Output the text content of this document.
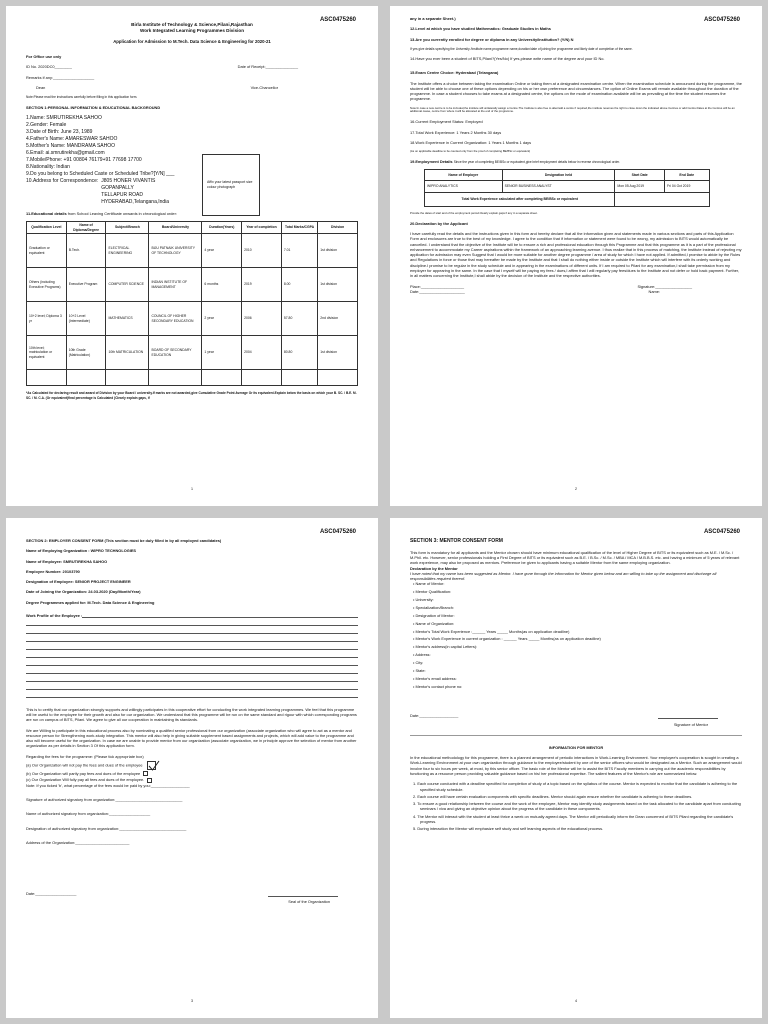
ASC0475260
Birla Institute of Technology & Science,Pilani,Rajasthan
Work Integrated Learning Programmes Division
Application for Admission to M.Tech. Data Science & Engineering for 2020-21
For Office use only
ID No. 2020DC0________	Date of Receipt:_______________
Remarks if any:___________________
Dean	Vice-Chancellor
Note:Please read the instructions carefully before filling in this application form.
SECTION 1:PERSONAL INFORMATION & EDUCATIONAL BACKGROUND
1.Name: SMRUTIREKHA SAHOO
2.Gender: Female
3.Date of Birth: June 23, 1989
4.Father's Name: AMARESWAR SAHOO
5.Mother's Name: MANDRAMA SAHOO
6.Email: ai.smrutirekha@gmail.com
7.Mobile/Phone: +91 00804 76179+91 77698 17700
8.Nationality: Indian
9.Do you belong to Scheduled Caste or Scheduled Tribe?[Y/N] ___
10.Address for Correspondence: J805 HONER VIVANTIS
GOPANPALLY
TELLAPUR ROAD
HYDERABAD,Telangana,India
Affix your latest passport size colour photograph
11.Educational details from School Leaving Certificate onwards in chronological order:
Qualification Level	Name of Diploma/Degree	Subject/Branch	Board/University	Duration(Years)	Year of completion	Total Marks/CGPA	Division
Graduation or equivalent	B.Tech.	ELECTRICAL ENGINEERING	BIJU PATNAIK UNIVERSITY OF TECHNOLOGY	4 year	2010	7.01	1st division
Others (including Executive Programs)	Executive Program	COMPUTER SCIENCE	INDIAN INSTITUTE OF MANAGEMENT	6 months	2019	8.00	1st division
10+2 level; Diploma 3 yr	10+2 Level (Intermediate)	MATHEMATICS	COUNCIL OF HIGHER SECONDARY EDUCATION	2 year	2006	57.80	2nd division
10th level; matriculation or equivalent	10th Grade (Matriculation)	10th MATRICULATION	BOARD OF SECONDARY EDUCATION	1 year	2004	80.80	1st division

*As Calculated for declaring result and award of Division by your Board / university.If marks are not awarded,give Cumulative Grade Point Average Or its equivalent.Explain below the basis on which your B. SC. / B.E. M. SC. / M. C.A. (Or equivalent)final percentage is Calculated (Clearly explain gaps, if
1
ASC0475260
any in a separate Sheet.)
12.Level at which you have studied Mathematics: Graduate Studies in Maths
13.Are you currently enrolled for degree or diploma in any University/Institution? (Y/N) N
If yes give details specifying the University /Institute name,programme name,duration/date of joining the programme and likely date of completion of the same.
14.Have you ever been a student of BITS,Pilani?(Yes/No) If yes,please write name of the degree and your ID No.
15.Exam Centre Choice: Hyderabad (Telangana)
The Institute offers a choice between taking the examination Online or taking them at a designated examination centre. When the examination schedule is announced during the programme, the student will be able to choose one of these options depending on his or her own preference and circumstances. The option of Online Exams will remain available throughout the duration of the programme. In case a student chooses to take exams at a designated centre, the options on the mode of examination available will be as prevailing at the time the student resumes the programme.
Note:In case a new centre is to be included,the institute will unilaterally assign a Centre.The Institute is also free to alter/add a centre if required,the institute reserves the right to close down the indicated above Centres or add Centre.Dates at the Centres will be an additional cause, centre from where it will be allocated at the end of the programme.
16.Current Employment Status: Employed
17.Total Work Experience: 1 Years 2 Months 30 days
18.Work Experience in Current Organization: 1 Years 1 Months 1 days
(As on applicable deadline to be counted only from the proof of completing BE/BSc or equivalent)
19.Employment Details Since the year of completing BE/BSc or equivalent,give brief employment details below in reverse chronological order.
Name of Employer	Designation held	Start Date	End Date
WIPRO ANALYTICS	SENIOR BUSINESS ANALYST	Mon 05 Aug 2019	Fri 04 Oct 2019
Total Work Experience calculated after completing BE/BSc or equivalent			
Provide the dates of start and of the employment period.Clearly explain gaps if any in a separate sheet.
20.Declaration by the Applicant
I have carefully read the details and the instructions given in this form and hereby declare that all the information given and statements made in various sections and parts of this Application Form and enclosures are true to the best of my knowledge. I agree to the condition that if information or statement were found to be wrong, my admission to BITS would automatically be cancelled. I understand that the objective of the Institute will be to ensure a rich and professional education through this Programme and that this programme as it is a part of the professional enhancement to accommodate my Career aspirations within the framework of an approaching learning avenue. I thus realize that in this process of matching, the Institute instead of rejecting my application for admission may even Suggest that I would be more suitable for another degree programme / area of study for which I have not applied. If admitted,I promise to abide by the Rules and Regulations in force or those that may hereafter be made by the Institute and that I shall do nothing either inside or outside the Institute which will interfere with its orderly working and discipline.I promise to be regular in the study schedule and in appearing in the examinations of different units. If I am required to Pilani for any examination,I shall take permission from my employer for appearing in the same. In the case that I myself will be paying my fees / dues,I affirm that I will regularly pay fees/dues to the Institute and not defer or hold back payment. Further, in all matters concerning the Institute,I shall abide by the decision of the Institute and the respective authorities.
Place:____________________	Signature:_________________
Date:_____________________	Name:
2
ASC0475260
SECTION 2: EMPLOYER CONSENT FORM (This section must be duly filled in by all employed candidates)
Name of Employing Organization : WIPRO TECHNOLOGIES
Name of Employee: SMRUTIREKHA SAHOO
Employee Number: 20103790
Designation of Employee: SENIOR PROJECT ENGINEER
Date of Joining the Organization: 24.03.2020 (Day/Month/Year)
Degree Programmes applied for: M.Tech. Data Science & Engineering
Work Profile of the Employee :
This is to certify that our organization strongly supports and willingly participates in this cooperative effort for conducting the work integrated learning programmes. We feel that this programme will be useful to the employee for their growth and also for our organization. We understand that this programme will be run on the same standard and rigour with which corresponding programs are run on campus of BITS, Pilani. We agree to give all our cooperation in maintaining its standards.
We are Willing to participate in this educational process also by nominating a qualified senior professional from our organization (associate organization who will agree to act as a mentor and resource person for Strengthening work-study integration. This mentor will also help in giving suitable supplement based assignments and projects, which will add value to the programme and also will become useful for the organization. In case we are unable to provide mentor from our organization (associate organization, we in principle approve the selection of mentor from another organization as per details in Section 3 Of this application form.
Regarding the fees for the programme: (Please tick appropriate box)
(a) Our Organization will not pay the fees and dues of the employee
(b) Our Organization will partly pay fees and dues of the employee
(c) Our Organization Will fully pay all fees and dues of the employee.
Note: If you ticked 'b', what percentage of the fees would be paid by you:__________________
Signature of authorized signatory from organization:_______________________________
Name of authorized signatory from organization:___________________
Designation of authorized signatory from organization:_______________________________
Address of the Organization:_________________________
Date:___________________
Seal of the Organization
3
ASC0475260
SECTION 3: MENTOR CONSENT FORM
This form is mandatory for all applicants and the Mentor chosen should have minimum educational qualification of the level of Higher Degree of BITS or its equivalent such as M.E. / M.Sc. / M.Phil. etc. However, senior professionals holding a First Degree of BITS or its equivalent such as B.E. / B.Sc. / M.Sc. / MBA / MCA / M.B.B.S. etc. and having a minimum of 5 years of relevant work experience, may also be proposed as mentors. Preference be given to applicants having a suitable Mentor from the same employing organization.
Declaration by the Mentor
I have noted that my name has been suggested as Mentor. I have gone through the information for Mentor given below and am willing to take up the assignment and discharge all responsibilities required thereof.
• Name of Mentor:
• Mentor Qualification:
• University:
• Specialization/Branch:
• Designation of Mentor:
• Name of Organization:
• Mentor's Total Work Experience :______ Years _____ Months(as on application deadline)
• Mentor's Work Experience in current organization : ______ Years _____ Months(as on application deadline)
• Mentor's address(in capital Letters):
• Address:
• City:
• State:
• Mentor's email address:
• Mentor's contact phone no:
Date:__________________
Signature of Mentor
INFORMATION FOR MENTOR
In the educational methodology for this programme, there is a planned arrangement of periodic interactions in Work-Learning Environment. Your employee's cooperation is sought in creating a Work-Learning Environment at your own organization through guidance to the employee/student by one of the senior officers who would be designated as a Mentor. Such an arrangement would involve four to six hours per week, at most, by this senior officer. The basic role of the Mentor will be to assist the BITS Faculty members in carrying out the academic responsibilities by functioning as a resource person providing valuable guidance based on his/ her professional expertise. The salient features of the Mentor's role are summarized below.
1. Each course conducted with a deadline specified for completion of study of a topic based on the syllabus of the course. Mentor is expected to monitor that the candidate is adhering to the specified study schedule.
2. Each course will have certain evaluation components with specific deadlines. Mentor should again ensure whether the candidate is adhering to these deadlines.
3. To ensure a good relationship between the course and the work of the employee, Mentor may identify study assignments based on the task allocated to the candidate apart from conducting seminars / viva and giving an objective opinion about the progress of the candidate in these components.
4. The Mentor will interact with the student at least thrice a week on mutually agreed days. The Mentor will periodically inform the Dean concerned of BITS Pilani regarding the candidate's progress.
5. During interaction the Mentor will emphasize self study and self learning aspects of the educational process.
4
